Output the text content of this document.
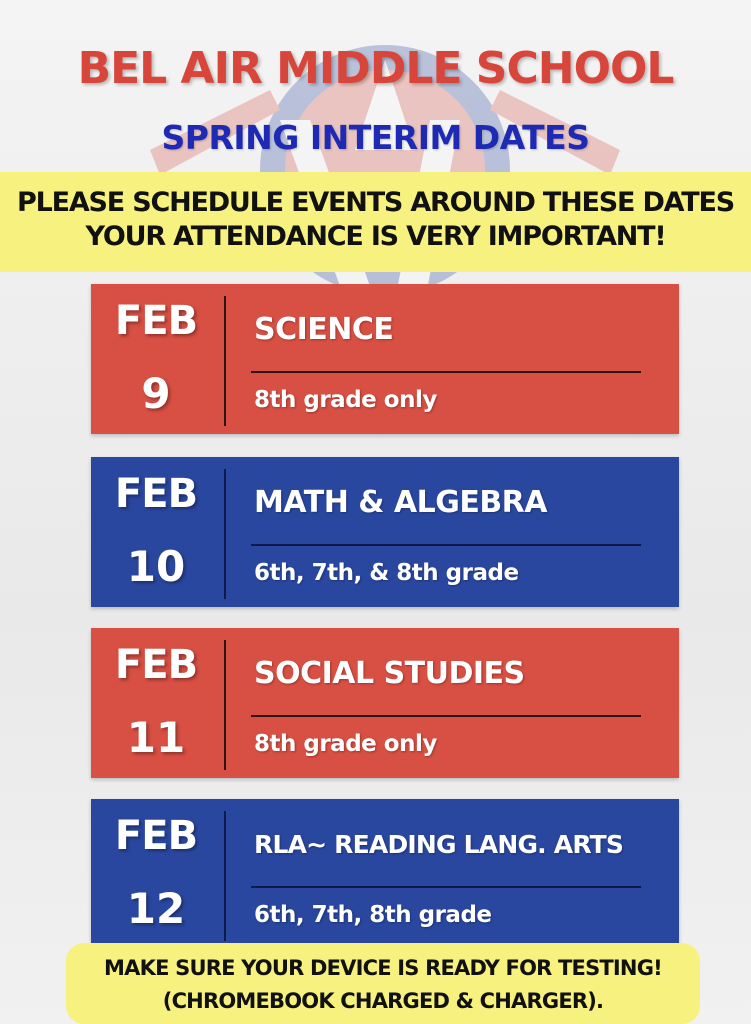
BEL AIR MIDDLE SCHOOL
SPRING INTERIM DATES
PLEASE SCHEDULE EVENTS AROUND THESE DATES
YOUR ATTENDANCE IS VERY IMPORTANT!
FEB
9
SCIENCE
8th grade only
FEB
10
MATH & ALGEBRA
6th, 7th, & 8th grade
FEB
11
SOCIAL STUDIES
8th grade only
FEB
12
RLA~ READING LANG. ARTS
6th, 7th, 8th grade
MAKE SURE YOUR DEVICE IS READY FOR TESTING!
(CHROMEBOOK CHARGED & CHARGER).
